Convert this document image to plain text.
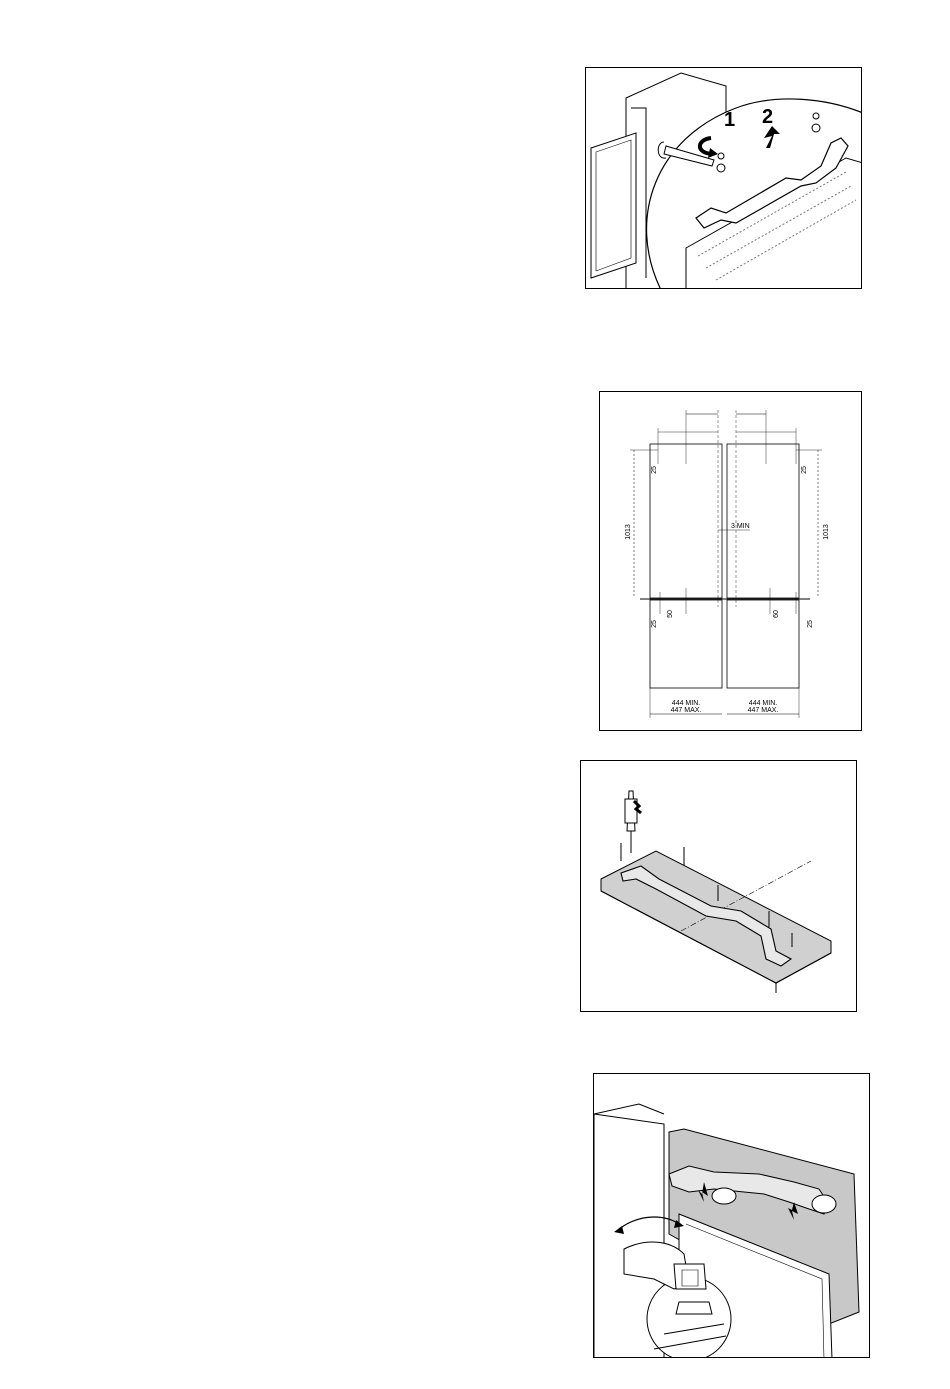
1 2
1013	1013
25	25
3 MIN
25
50	60
25
444 MIN.
447 MAX.
444 MIN.
447 MAX.
